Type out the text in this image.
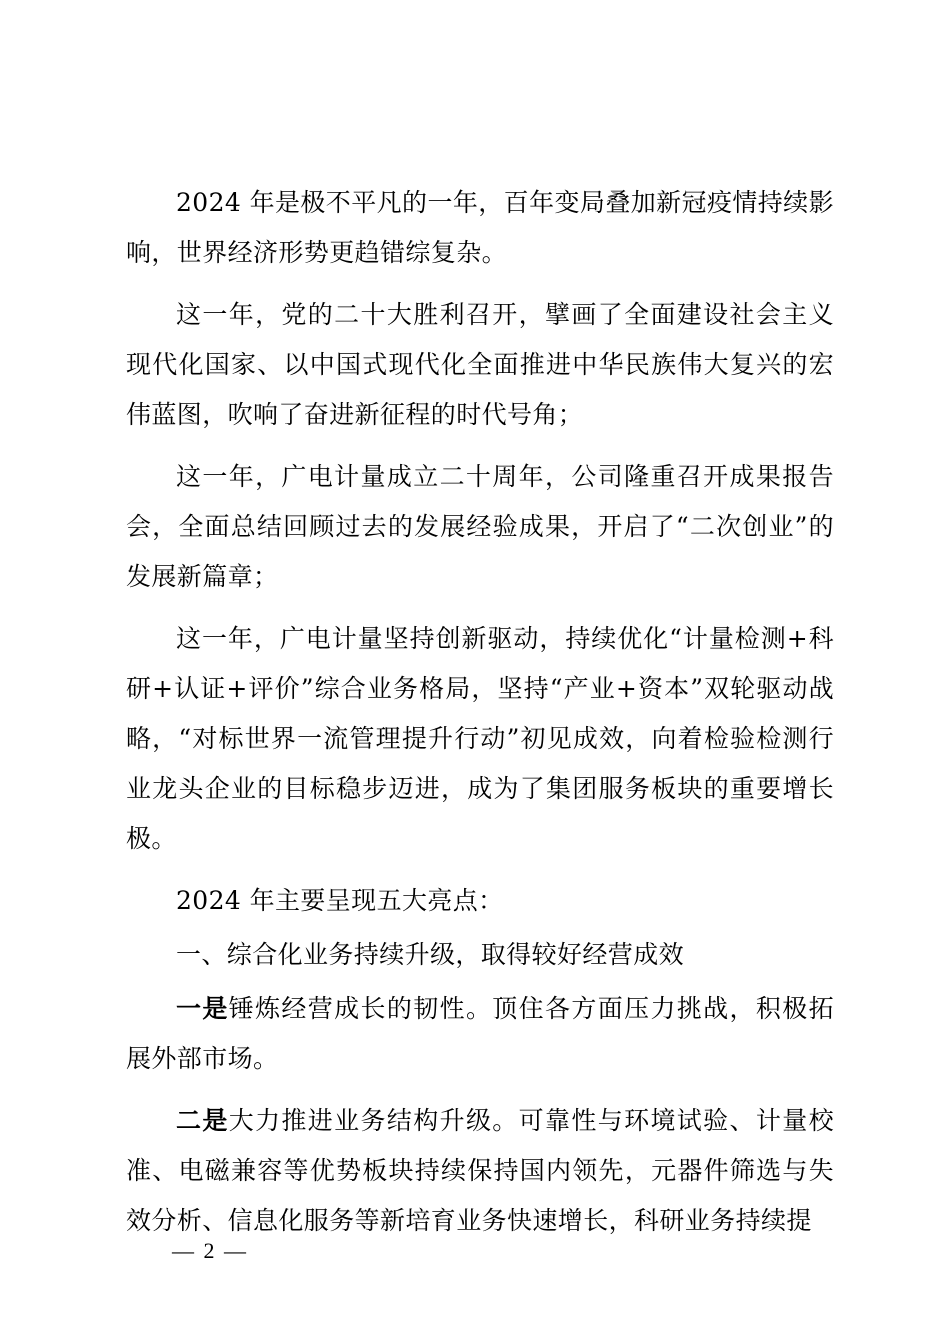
2024 年是极不平凡的一年，百年变局叠加新冠疫情持续影响，世界经济形势更趋错综复杂。

这一年，党的二十大胜利召开，擘画了全面建设社会主义现代化国家、以中国式现代化全面推进中华民族伟大复兴的宏伟蓝图，吹响了奋进新征程的时代号角；

这一年，广电计量成立二十周年，公司隆重召开成果报告会，全面总结回顾过去的发展经验成果，开启了“二次创业”的发展新篇章；

这一年，广电计量坚持创新驱动，持续优化“计量检测+科研+认证+评价”综合业务格局，坚持“产业+资本”双轮驱动战略，“对标世界一流管理提升行动”初见成效，向着检验检测行业龙头企业的目标稳步迈进，成为了集团服务板块的重要增长极。

2024 年主要呈现五大亮点：

一、综合化业务持续升级，取得较好经营成效

一是锤炼经营成长的韧性。顶住各方面压力挑战，积极拓展外部市场。

二是大力推进业务结构升级。可靠性与环境试验、计量校准、电磁兼容等优势板块持续保持国内领先，元器件筛选与失效分析、信息化服务等新培育业务快速增长，科研业务持续提

— 2 —
